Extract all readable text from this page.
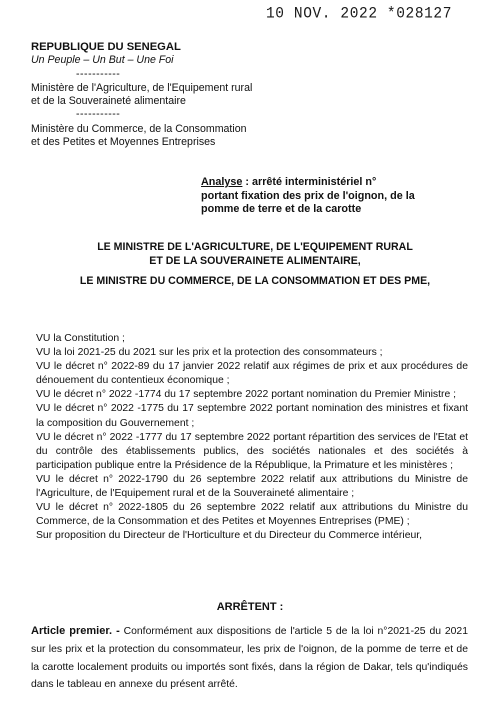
10 NOV. 2022 *028127
REPUBLIQUE DU SENEGAL
Un Peuple – Un But – Une Foi
-----------
Ministère de l'Agriculture, de l'Equipement rural
et de la Souveraineté alimentaire
-----------
Ministère du Commerce, de la Consommation
et des Petites et Moyennes Entreprises
Analyse : arrêté interministériel n°
portant fixation des prix de l'oignon, de la
pomme de terre et de la carotte
LE MINISTRE DE L'AGRICULTURE, DE L'EQUIPEMENT RURAL
ET DE LA SOUVERAINETE ALIMENTAIRE,
LE MINISTRE DU COMMERCE, DE LA CONSOMMATION ET DES PME,

VU la Constitution ;

VU la loi 2021-25 du 2021 sur les prix et la protection des consommateurs ;

VU le décret n° 2022-89 du 17 janvier 2022 relatif aux régimes de prix et aux procédures de dénouement du contentieux économique ;

VU le décret n° 2022 -1774 du 17 septembre 2022 portant nomination du Premier Ministre ;

VU le décret n° 2022 -1775 du 17 septembre 2022 portant nomination des ministres et fixant la composition du Gouvernement ;

VU le décret n° 2022 -1777 du 17 septembre 2022 portant répartition des services de l'Etat et du contrôle des établissements publics, des sociétés nationales et des sociétés à participation publique entre la Présidence de la République, la Primature et les ministères ;

VU le décret n° 2022-1790 du 26 septembre 2022 relatif aux attributions du Ministre de l'Agriculture, de l'Equipement rural et de la Souveraineté alimentaire ;

VU le décret n° 2022-1805 du 26 septembre 2022 relatif aux attributions du Ministre du Commerce, de la Consommation et des Petites et Moyennes Entreprises (PME) ;

Sur proposition du Directeur de l'Horticulture et du Directeur du Commerce intérieur,

ARRÊTENT :
Article premier. - Conformément aux dispositions de l'article 5 de la loi n°2021-25 du 2021 sur les prix et la protection du consommateur, les prix de l'oignon, de la pomme de terre et de la carotte localement produits ou importés sont fixés, dans la région de Dakar, tels qu'indiqués dans le tableau en annexe du présent arrêté.
